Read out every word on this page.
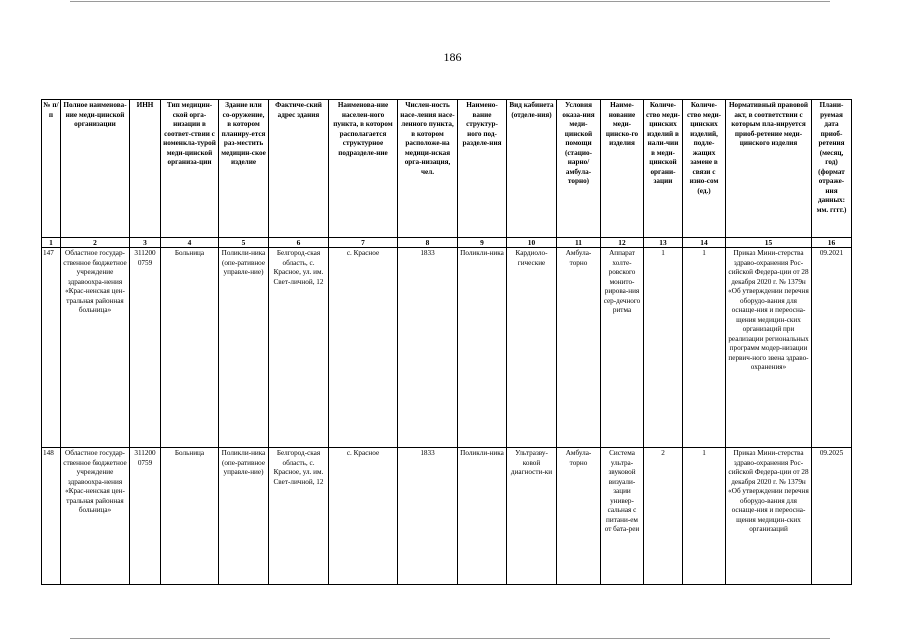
186
№ п/п	Полное наименова-ние меди-цинской организации	ИНН	Тип медицин-ской орга-низации в соответ-ствии с номенкла-турой меди-цинской организа-ции	Здание или со-оружение, в котором планиру-ется раз-местить медицин-ское изделие	Фактиче-ский адрес здания	Наименова-ние населен-ного пункта, в котором располагается структурное подразделе-ние	Числен-ность насе-ления насе-ленного пункта, в котором расположе-на медици-нская орга-низация, чел.	Наимено-вание структур-ного под-разделе-ния	Вид кабинета (отделе-ния)	Условия оказа-ния меди-цинской помощи (стацио-нарно/ амбула-торно)	Наиме-нование меди-цинско-го изделия	Количе-ство меди-цинских изделий в нали-чии в меди-цинской органи-зации	Количе-ство меди-цинских изделий, подле-жащих замене в связи с изно-сом (ед.)	Нормативный правовой акт, в соответствии с которым пла-нируется приоб-ретение меди-цинского изделия	Плани-руемая дата приоб-ретения (месяц, год) (формат отраже-ния данных: мм. гггг.)
1	2	3	4	5	6	7	8	9	10	11	12	13	14	15	16
147	Областное государ-ственное бюджетное учреждение здравоохра-нения «Крас-ненская цен-тральная районная больница»	311200 0759	Больница	Поликли-ника (опе-ративное управле-ние)	Белгород-ская область, с. Красное, ул. им. Свет-личной, 12	с. Красное	1833	Поликли-ника	Кардиоло-гические	Амбула-торно	Аппарат холте-ровского монито-рирова-ния сер-дечного ритма	1	1	Приказ Мини-стерства здраво-охранения Рос-сийской Федера-ции от 28 декабря 2020 г. № 1379н «Об утверждении перечня оборудо-вания для оснаще-ния и переосна-щения медицин-ских организаций при реализации региональных программ модер-низации первич-ного звена здраво-охранения»	09.2021
148	Областное государ-ственное бюджетное учреждение здравоохра-нения «Крас-ненская цен-тральная районная больница»	311200 0759	Больница	Поликли-ника (опе-ративное управле-ние)	Белгород-ская область, с. Красное, ул. им. Свет-личной, 12	с. Красное	1833	Поликли-ника	Ультразву-ковой диагности-ки	Амбула-торно	Система ультра-звуковой визуали-зации универ-сальная с питани-ем от бата-реи	2	1	Приказ Мини-стерства здраво-охранения Рос-сийской Федера-ции от 28 декабря 2020 г. № 1379н «Об утверждении перечня оборудо-вания для оснаще-ния и переосна-щения медицин-ских организаций	09.2025
